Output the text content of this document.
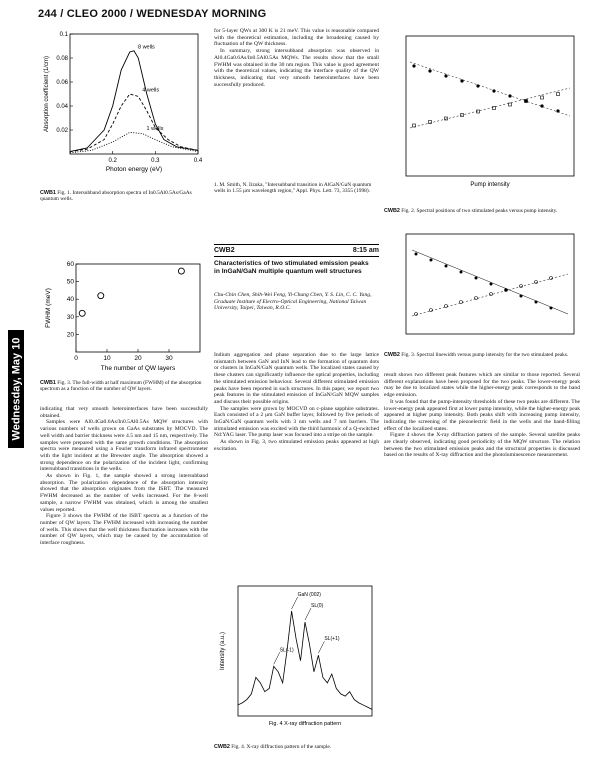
244 / CLEO 2000 / WEDNESDAY MORNING
Wednesday, May 10
0.2	0.3	0.4
0.02
0.04
0.06
0.08
0.1
Photon energy (eV)
Absorption coefficient (1/cm)
8 wells
4 wells
1 wells
CWB1 Fig. 1. Intersubband absorption spectra of In0.5Al0.5As/GaAs quantum wells.
0	10	20	30
20
30
40
50
60
The number of QW layers
FWHM (meV)
CWB1 Fig. 3. The full-width at half maximum (FWHM) of the absorption spectrum as a function of the number of QW layers.

indicating that very smooth heterointerfaces have been successfully obtained.

Samples were Al0.4Ga0.6As/In0.5Al0.5As MQW structures with various numbers of wells grown on GaAs substrates by MOCVD. The well width and barrier thickness were 4.5 nm and 15 nm, respectively. The samples were prepared with the same growth conditions. The absorption spectra were measured using a Fourier transform infrared spectrometer with the light incident at the Brewster angle. The absorption showed a strong dependence on the polarization of the incident light, confirming intersubband transitions in the wells.

As shown in Fig. 1, the sample showed a strong intersubband absorption. The polarization dependence of the absorption intensity showed that the absorption originates from the ISBT. The measured FWHM decreased as the number of wells increased. For the 8-well sample, a narrow FWHM was obtained, which is among the smallest values reported.

Figure 3 shows the FWHM of the ISBT spectra as a function of the number of QW layers. The FWHM increased with increasing the number of wells. This shows that the well thickness fluctuation increases with the number of QW layers, which may be caused by the accumulation of interface roughness.

for 5-layer QWs at 300 K is 21 meV. This value is reasonable compared with the theoretical estimation, including the broadening caused by fluctuation of the QW thickness.

In summary, strong intersubband absorption was observed in Al0.4Ga0.6As/In0.5Al0.5As MQWs. The results show that the small FWHM was obtained in the 30 nm region. This value is good agreement with the theoretical values, indicating the interface quality of the QW thickness, indicating that very smooth heterointerfaces have been successfully produced.

1. M. Smith, N. Iizuka, "Intersubband transition in AlGaN/GaN quantum wells in 1.55 μm wavelength region," Appl. Phys. Lett. 73, 3355 (1998).
CWB2	8:15 am
Characteristics of two stimulated emission peaks in InGaN/GaN multiple quantum well structures
Chu-Chin Chen, Shih-Wei Feng, Yi-Chung Chen, Y. S. Lin, C. C. Yang, Graduate Institute of Electro-Optical Engineering, National Taiwan University, Taipei, Taiwan, R.O.C.

Indium aggregation and phase separation due to the large lattice mismatch between GaN and InN lead to the formation of quantum dots or clusters in InGaN/GaN quantum wells. The localized states caused by these clusters can significantly influence the optical properties, including the stimulated emission behaviour. Several different stimulated emission peaks have been reported in such structures. In this paper, we report two peak features in the stimulated emission of InGaN/GaN MQW samples and discuss their possible origins.

The samples were grown by MOCVD on c-plane sapphire substrates. Each consisted of a 2 μm GaN buffer layer, followed by five periods of InGaN/GaN quantum wells with 3 nm wells and 7 nm barriers. The stimulated emission was excited with the third harmonic of a Q-switched Nd:YAG laser. The pump laser was focused into a stripe on the sample.

As shown in Fig. 3, two stimulated emission peaks appeared at high excitation.

GaN (002)
SL(0)
SL(-1)
SL(+1)
Intensity (a.u.)
Fig. 4 X-ray diffraction pattern
CWB2 Fig. 4. X-ray diffraction pattern of the sample.
Pump intensity
CWB2 Fig. 2. Spectral positions of two stimulated peaks versus pump intensity.
CWB2 Fig. 3. Spectral linewidth versus pump intensity for the two stimulated peaks.

result shows two different peak features which are similar to those reported. Several different explanations have been proposed for the two peaks. The lower-energy peak may be due to localized states while the higher-energy peak corresponds to the band edge emission.

It was found that the pump-intensity thresholds of these two peaks are different. The lower-energy peak appeared first at lower pump intensity, while the higher-energy peak appeared at higher pump intensity. Both peaks shift with increasing pump intensity, indicating the screening of the piezoelectric field in the wells and the band-filling effect of the localized states.

Figure 4 shows the X-ray diffraction pattern of the sample. Several satellite peaks are clearly observed, indicating good periodicity of the MQW structure. The relation between the two stimulated emission peaks and the structural properties is discussed based on the results of X-ray diffraction and the photoluminescence measurement.
